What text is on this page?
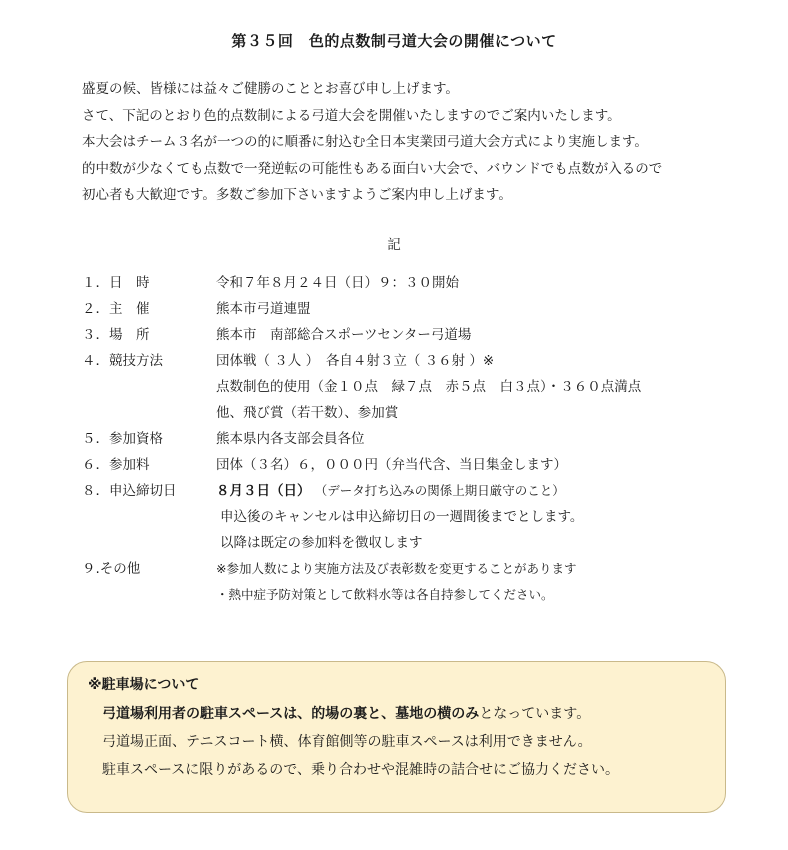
第３５回　色的点数制弓道大会の開催について

盛夏の候、皆様には益々ご健勝のこととお喜び申し上げます。

さて、下記のとおり色的点数制による弓道大会を開催いたしますのでご案内いたします。

本大会はチーム３名が一つの的に順番に射込む全日本実業団弓道大会方式により実施します。

的中数が少なくても点数で一発逆転の可能性もある面白い大会で、バウンドでも点数が入るので

初心者も大歓迎です。多数ご参加下さいますようご案内申し上げます。

記
１．日　時	令和７年８月２４日（日）９：３０開始
２．主　催	熊本市弓道連盟
３．場　所	熊本市　南部総合スポーツセンター弓道場
４．競技方法	団体戦（ ３人 ）　各自４射３立（ ３６射 ）※
点数制色的使用（金１０点　緑７点　赤５点　白３点）・３６０点満点
他、飛び賞（若干数）、参加賞
５．参加資格	熊本県内各支部会員各位
６．参加料	団体（３名）６，０００円（弁当代含、当日集金します）
８．申込締切日	８月３日（日） （データ打ち込みの関係上期日厳守のこと）
申込後のキャンセルは申込締切日の一週間後までとします。
以降は既定の参加料を徴収します
９.その他	※参加人数により実施方法及び表彰数を変更することがあります
・熱中症予防対策として飲料水等は各自持参してください。
※駐車場について

弓道場利用者の駐車スペースは、的場の裏と、墓地の横のみとなっています。

弓道場正面、テニスコート横、体育館側等の駐車スペースは利用できません。

駐車スペースに限りがあるので、乗り合わせや混雑時の詰合せにご協力ください。
